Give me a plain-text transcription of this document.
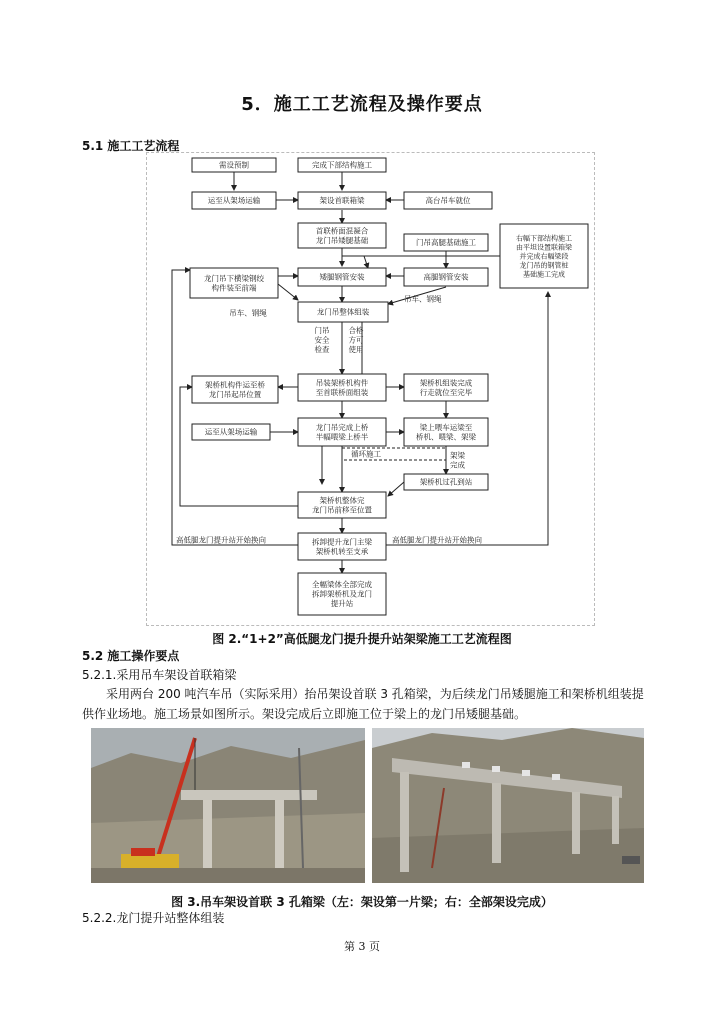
5．施工工艺流程及操作要点
5.1 施工工艺流程
需设预制	完成下部结构施工
运至从架场运输	架设首联箱梁	高台吊车就位
首联桥面混凝合龙门吊矮腿基础	门吊高腿基础施工	右幅下部结构施工由平坦设置联箱梁并完成右幅梁段龙门吊的钢管桩基础施工完成
龙门吊下横梁钢绞构件装至前端
矮腿钢管安装	高腿钢管安装
龙门吊整体组装
架桥机构件运至桥龙门吊起吊位置
吊装架桥机构件至首联桥面组装
架桥机组装完成行走就位至完毕
运至从架场运输
龙门吊完成上桥半幅喂梁上桥半
梁上喂车运梁至桥机、喂梁、架梁
架桥机过孔到站
架桥机整体完龙门吊前移至位置
拆卸提升龙门主梁架桥机转至支承
全幅梁体全部完成拆卸架桥机及龙门提升站
吊车、钢绳
吊车、钢绳
门吊安全检查
合格方可使用
循环施工	架梁完成
高低腿龙门提升站开始换向	高低腿龙门提升站开始换向
图 2.“1+2”高低腿龙门提升提升站架梁施工工艺流程图
5.2 施工操作要点
5.2.1.采用吊车架设首联箱梁
采用两台 200 吨汽车吊（实际采用）抬吊架设首联 3 孔箱梁，为后续龙门吊矮腿施工和架桥机组装提供作业场地。施工场景如图所示。架设完成后立即施工位于梁上的龙门吊矮腿基础。
图 3.吊车架设首联 3 孔箱梁（左：架设第一片梁；右：全部架设完成）
5.2.2.龙门提升站整体组装
第 3 页
